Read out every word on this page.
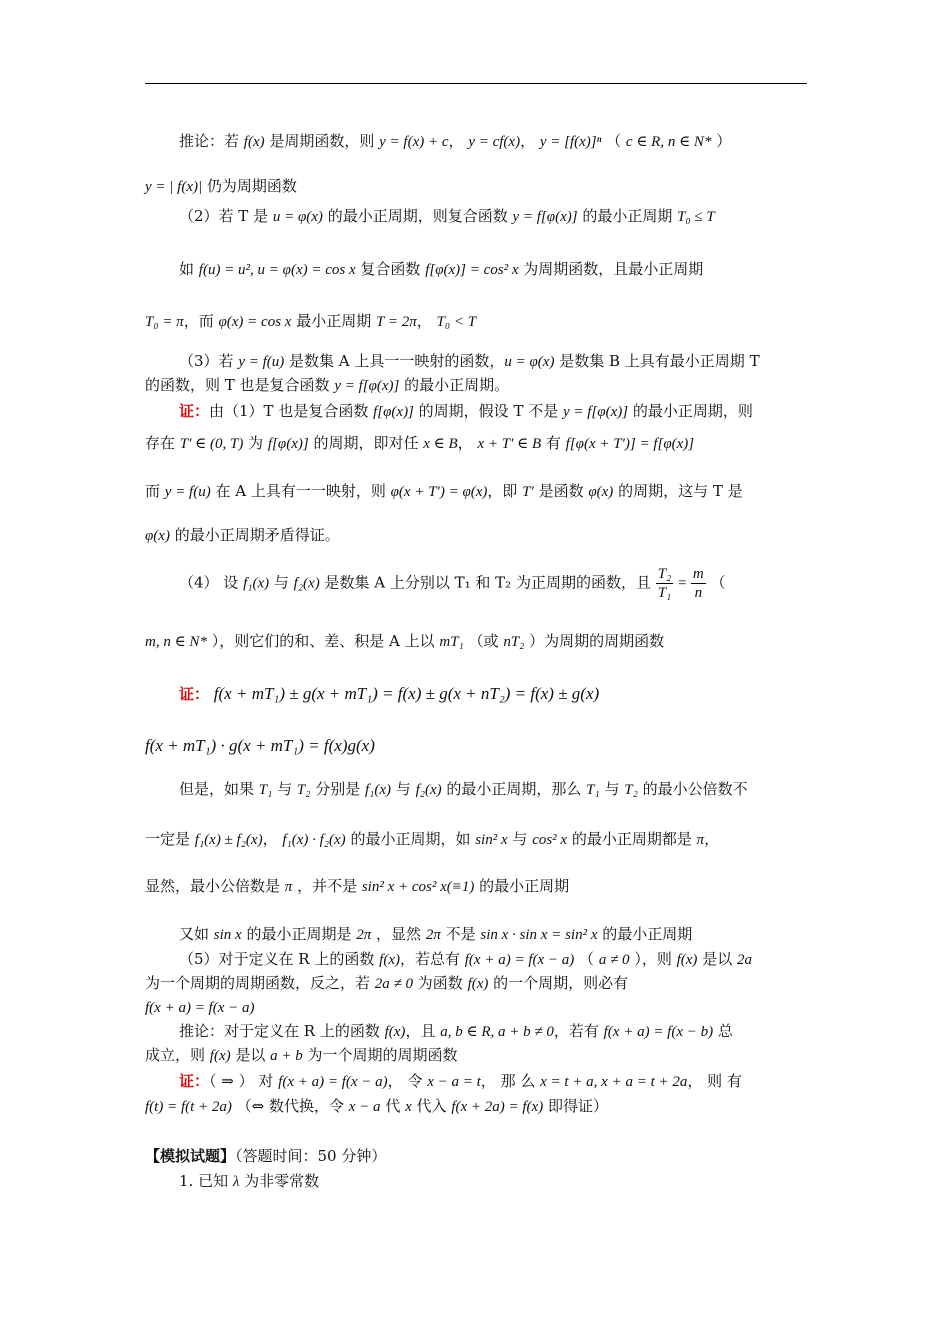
推论：若 f(x) 是周期函数，则 y = f(x) + c， y = cf(x)， y = [f(x)]ⁿ （ c ∈ R, n ∈ N* ）
y = | f(x)| 仍为周期函数
（2）若 T 是 u = φ(x) 的最小正周期，则复合函数 y = f[φ(x)] 的最小正周期 T₀ ≤ T
如 f(u) = u², u = φ(x) = cos x 复合函数 f[φ(x)] = cos² x 为周期函数，且最小正周期
T₀ = π，而 φ(x) = cos x 最小正周期 T = 2π， T₀ < T
（3）若 y = f(u) 是数集 A 上具一一映射的函数，u = φ(x) 是数集 B 上具有最小正周期 T
的函数，则 T 也是复合函数 y = f[φ(x)] 的最小正周期。
证：由（1）T 也是复合函数 f[φ(x)] 的周期，假设 T 不是 y = f[φ(x)] 的最小正周期，则
存在 T′ ∈ (0, T) 为 f[φ(x)] 的周期，即对任 x ∈ B， x + T′ ∈ B 有 f[φ(x + T′)] = f[φ(x)]
而 y = f(u) 在 A 上具有一一映射，则 φ(x + T′) = φ(x)，即 T′ 是函数 φ(x) 的周期，这与 T 是
φ(x) 的最小正周期矛盾得证。
（4） 设 f₁(x) 与 f₂(x) 是数集 A 上分别以 T₁ 和 T₂ 为正周期的函数，且 $\frac{\text{T₂}}{\text{T₁}} = \frac{m}{n}$ （
m, n ∈ N* ），则它们的和、差、积是 A 上以 mT₁ （或 nT₂ ）为周期的周期函数
证： f(x + mT₁) ± g(x + mT₁) = f(x) ± g(x + nT₂) = f(x) ± g(x)
f(x + mT₁) · g(x + mT₁) = f(x)g(x)
但是，如果 T₁ 与 T₂ 分别是 f₁(x) 与 f₂(x) 的最小正周期，那么 T₁ 与 T₂ 的最小公倍数不
一定是 f₁(x) ± f₂(x)， f₁(x) · f₂(x) 的最小正周期，如 sin² x 与 cos² x 的最小正周期都是 π，
显然，最小公倍数是 π ，并不是 sin² x + cos² x(≡1) 的最小正周期
又如 sin x 的最小正周期是 2π ，显然 2π 不是 sin x · sin x = sin² x 的最小正周期
（5）对于定义在 R 上的函数 f(x)，若总有 f(x + a) = f(x − a) （ a ≠ 0 ），则 f(x) 是以 2a
为一个周期的周期函数，反之，若 2a ≠ 0 为函数 f(x) 的一个周期，则必有
f(x + a) = f(x − a)
推论：对于定义在 R 上的函数 f(x)，且 a, b ∈ R, a + b ≠ 0，若有 f(x + a) = f(x − b) 总
成立，则 f(x) 是以 a + b 为一个周期的周期函数
证：（ ⇒ ） 对 f(x + a) = f(x − a)， 令 x − a = t， 那 么 x = t + a, x + a = t + 2a， 则 有
f(t) = f(t + 2a) （⇔ 数代换，令 x − a 代 x 代入 f(x + 2a) = f(x) 即得证）
【模拟试题】（答题时间：50 分钟）
1. 已知 λ 为非零常数
